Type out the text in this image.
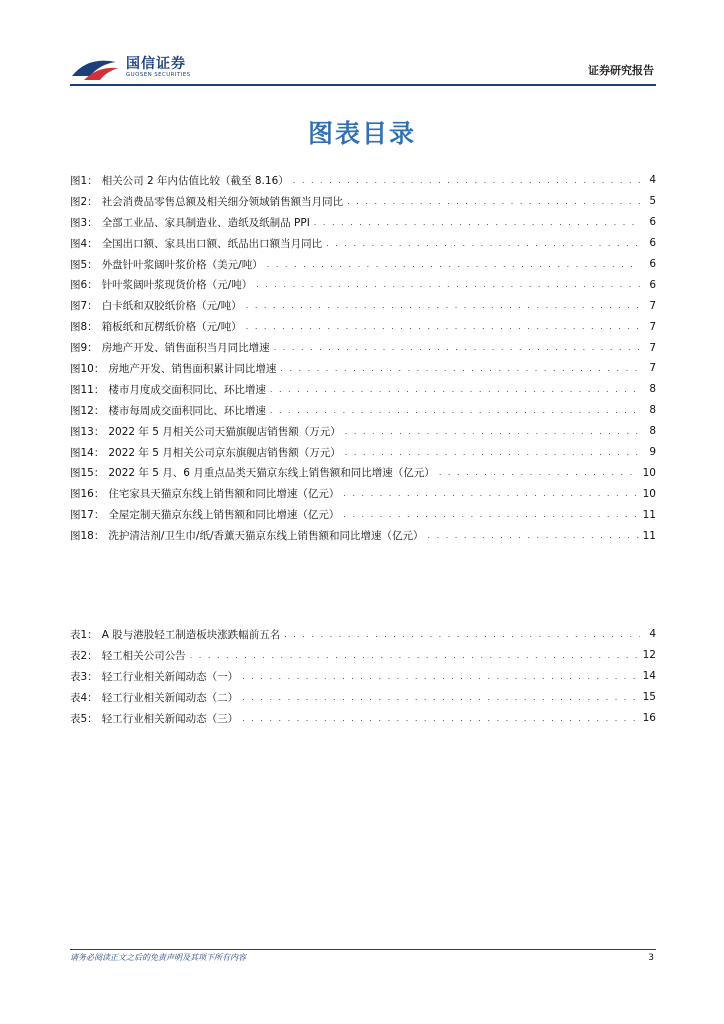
国信证券
GUOSEN SECURITIES	证券研究报告
图表目录
图1： 相关公司 2 年内估值比较（截至 8.16） . . .	4
图2： 社会消费品零售总额及相关细分领域销售额当月同比 . . .	5
图3： 全部工业品、家具制造业、造纸及纸制品 PPI . . .	6
图4： 全国出口额、家具出口额、纸品出口额当月同比 . . .	6
图5： 外盘针叶浆阔叶浆价格（美元/吨） . . .	6
图6： 针叶浆阔叶浆现货价格（元/吨） . . .	6
图7： 白卡纸和双胶纸价格（元/吨） . . .	7
图8： 箱板纸和瓦楞纸价格（元/吨） . . .	7
图9： 房地产开发、销售面积当月同比增速 . . .	7
图10： 房地产开发、销售面积累计同比增速 . . .	7
图11： 楼市月度成交面积同比、环比增速 . . .	8
图12： 楼市每周成交面积同比、环比增速 . . .	8
图13： 2022 年 5 月相关公司天猫旗舰店销售额（万元） . . .	8
图14： 2022 年 5 月相关公司京东旗舰店销售额（万元） . . .	9
图15： 2022 年 5 月、6 月重点品类天猫京东线上销售额和同比增速（亿元） . . .	10
图16： 住宅家具天猫京东线上销售额和同比增速（亿元） . . .	10
图17： 全屋定制天猫京东线上销售额和同比增速（亿元） . . .	11
图18： 洗护清洁剂/卫生巾/纸/香薰天猫京东线上销售额和同比增速（亿元） . . .	11
表1： A 股与港股轻工制造板块涨跌幅前五名 . . .	4
表2： 轻工相关公司公告 . . .	12
表3： 轻工行业相关新闻动态（一） . . .	14
表4： 轻工行业相关新闻动态（二） . . .	15
表5： 轻工行业相关新闻动态（三） . . .	16
请务必阅读正文之后的免责声明及其项下所有内容	3
